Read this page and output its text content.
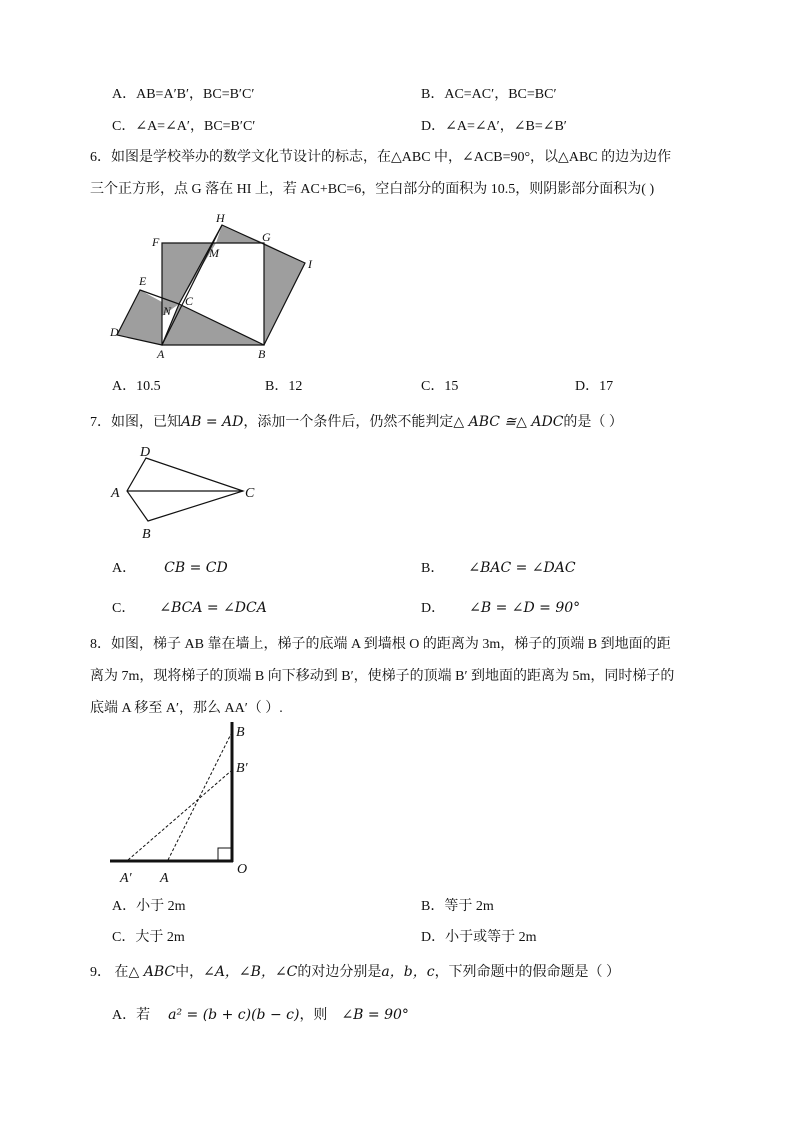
A．AB=A′B′，BC=B′C′	B．AC=AC′，BC=BC′
C．∠A=∠A′，BC=B′C′	D．∠A=∠A′，∠B=∠B′
6．如图是学校举办的数学文化节设计的标志，在△ABC 中，∠ACB=90°，以△ABC 的边为边作
三个正方形，点 G 落在 HI 上，若 AC+BC=6，空白部分的面积为 10.5，则阴影部分面积为( )
H
F	G
I
M
E
C
N
D
A	B
A．10.5	B．12	C．15	D．17
7．如图，已知AB = AD，添加一个条件后，仍然不能判定△ ABC ≅△ ADC的是（ ）
D
A	C
B
A． CB = CD	B． ∠BAC = ∠DAC
C． ∠BCA = ∠DCA	D． ∠B = ∠D = 90°
8．如图，梯子 AB 靠在墙上，梯子的底端 A 到墙根 O 的距离为 3m，梯子的顶端 B 到地面的距
离为 7m，现将梯子的顶端 B 向下移动到 B′，使梯子的顶端 B′ 到地面的距离为 5m，同时梯子的
底端 A 移至 A′，那么 AA′（ ）.
B
B′
O
A′ A
A．小于 2m	B．等于 2m
C．大于 2m	D．小于或等于 2m
9． 在△ ABC中，∠A，∠B，∠C的对边分别是a，b，c，下列命题中的假命题是（ ）
A．若 a² = (b + c)(b − c)，则 ∠B = 90°
